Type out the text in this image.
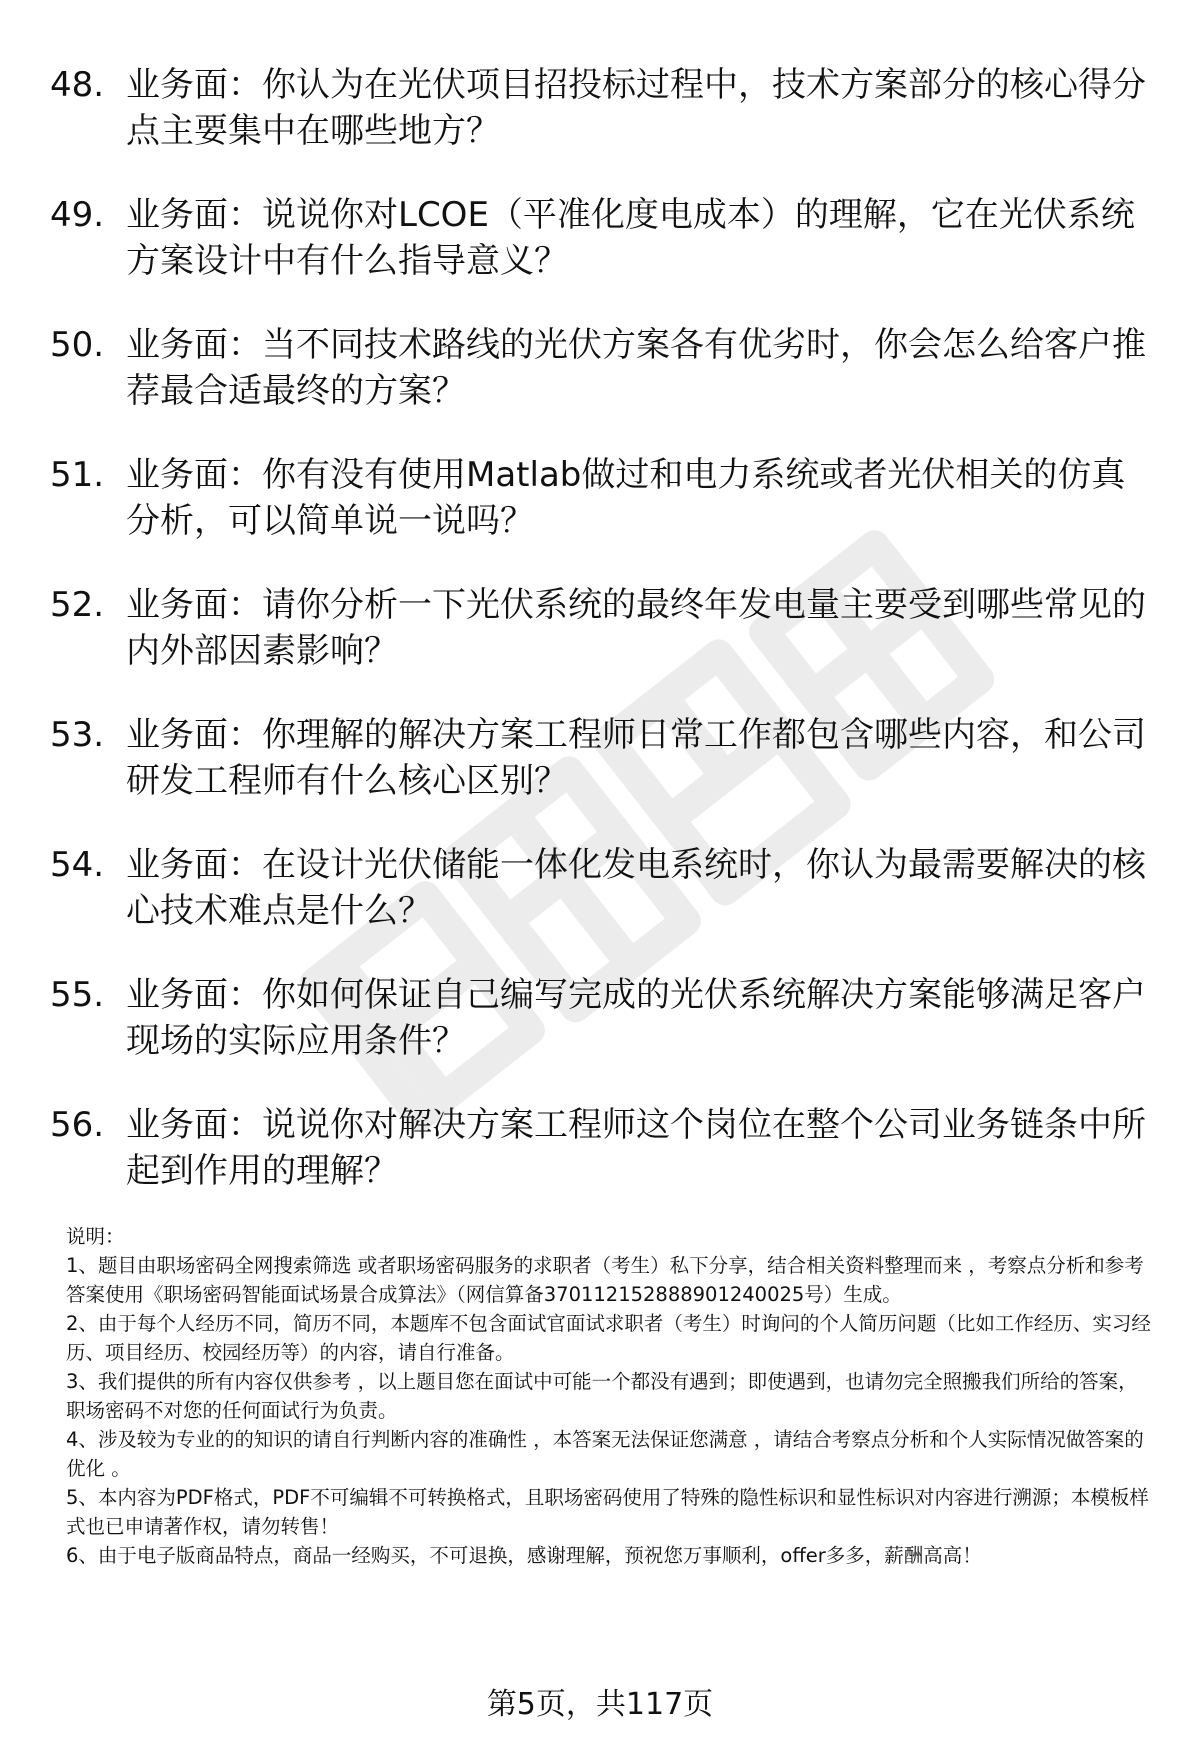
48. 业务面：你认为在光伏项目招投标过程中，技术方案部分的核心得分点主要集中在哪些地方？
49. 业务面：说说你对LCOE（平准化度电成本）的理解，它在光伏系统方案设计中有什么指导意义？
50. 业务面：当不同技术路线的光伏方案各有优劣时，你会怎么给客户推荐最合适最终的方案？
51. 业务面：你有没有使用Matlab做过和电力系统或者光伏相关的仿真分析，可以简单说一说吗？
52. 业务面：请你分析一下光伏系统的最终年发电量主要受到哪些常见的内外部因素影响？
53. 业务面：你理解的解决方案工程师日常工作都包含哪些内容，和公司研发工程师有什么核心区别？
54. 业务面：在设计光伏储能一体化发电系统时，你认为最需要解决的核心技术难点是什么？
55. 业务面：你如何保证自己编写完成的光伏系统解决方案能够满足客户现场的实际应用条件？
56. 业务面：说说你对解决方案工程师这个岗位在整个公司业务链条中所起到作用的理解？

说明：

1、题目由职场密码全网搜索筛选 或者职场密码服务的求职者（考生）私下分享，结合相关资料整理而来 ，考察点分析和参考答案使用《职场密码智能面试场景合成算法》（网信算备370112152888901240025号）生成。

2、由于每个人经历不同，简历不同，本题库不包含面试官面试求职者（考生）时询问的个人简历问题（比如工作经历、实习经历、项目经历、校园经历等）的内容，请自行准备。

3、我们提供的所有内容仅供参考 ，以上题目您在面试中可能一个都没有遇到；即使遇到，也请勿完全照搬我们所给的答案，职场密码不对您的任何面试行为负责。

4、涉及较为专业的的知识的请自行判断内容的准确性 ，本答案无法保证您满意 ，请结合考察点分析和个人实际情况做答案的优化 。

5、本内容为PDF格式，PDF不可编辑不可转换格式，且职场密码使用了特殊的隐性标识和显性标识对内容进行溯源；本模板样式也已申请著作权，请勿转售！

6、由于电子版商品特点，商品一经购买，不可退换，感谢理解，预祝您万事顺利，offer多多，薪酬高高！

第5页，共117页
